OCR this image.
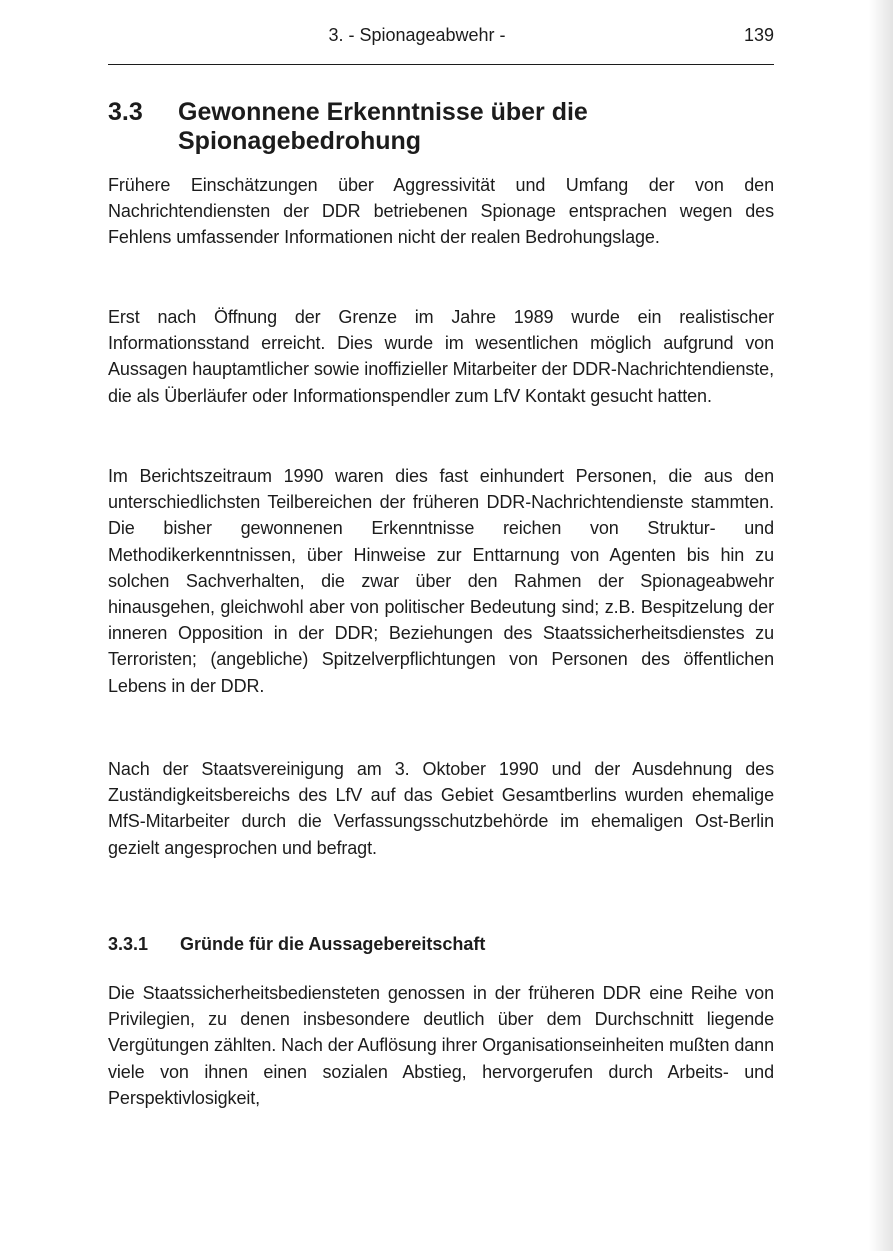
3. - Spionageabwehr -	139
3.3 Gewonnene Erkenntnisse über die Spionagebedrohung

Frühere Einschätzungen über Aggressivität und Umfang der von den Nachrichtendiensten der DDR betriebenen Spionage entsprachen wegen des Fehlens umfassender Informationen nicht der realen Bedrohungslage.

Erst nach Öffnung der Grenze im Jahre 1989 wurde ein realistischer Informationsstand erreicht. Dies wurde im wesentlichen möglich aufgrund von Aussagen hauptamtlicher sowie inoffizieller Mitarbeiter der DDR-Nachrichtendienste, die als Überläufer oder Informationspendler zum LfV Kontakt gesucht hatten.

Im Berichtszeitraum 1990 waren dies fast einhundert Personen, die aus den unterschiedlichsten Teilbereichen der früheren DDR-Nachrichtendienste stammten. Die bisher gewonnenen Erkenntnisse reichen von Struktur- und Methodikerkenntnissen, über Hinweise zur Enttarnung von Agenten bis hin zu solchen Sachverhalten, die zwar über den Rahmen der Spionageabwehr hinausgehen, gleichwohl aber von politischer Bedeutung sind; z.B. Bespitzelung der inneren Opposition in der DDR; Beziehungen des Staatssicherheitsdienstes zu Terroristen; (angebliche) Spitzelverpflichtungen von Personen des öffentlichen Lebens in der DDR.

Nach der Staatsvereinigung am 3. Oktober 1990 und der Ausdehnung des Zuständigkeitsbereichs des LfV auf das Gebiet Gesamtberlins wurden ehemalige MfS-Mitarbeiter durch die Verfassungsschutzbehörde im ehemaligen Ost-Berlin gezielt angesprochen und befragt.

3.3.1 Gründe für die Aussagebereitschaft

Die Staatssicherheitsbediensteten genossen in der früheren DDR eine Reihe von Privilegien, zu denen insbesondere deutlich über dem Durchschnitt liegende Vergütungen zählten. Nach der Auflösung ihrer Organisationseinheiten mußten dann viele von ihnen einen sozialen Abstieg, hervorgerufen durch Arbeits- und Perspektivlosigkeit,
